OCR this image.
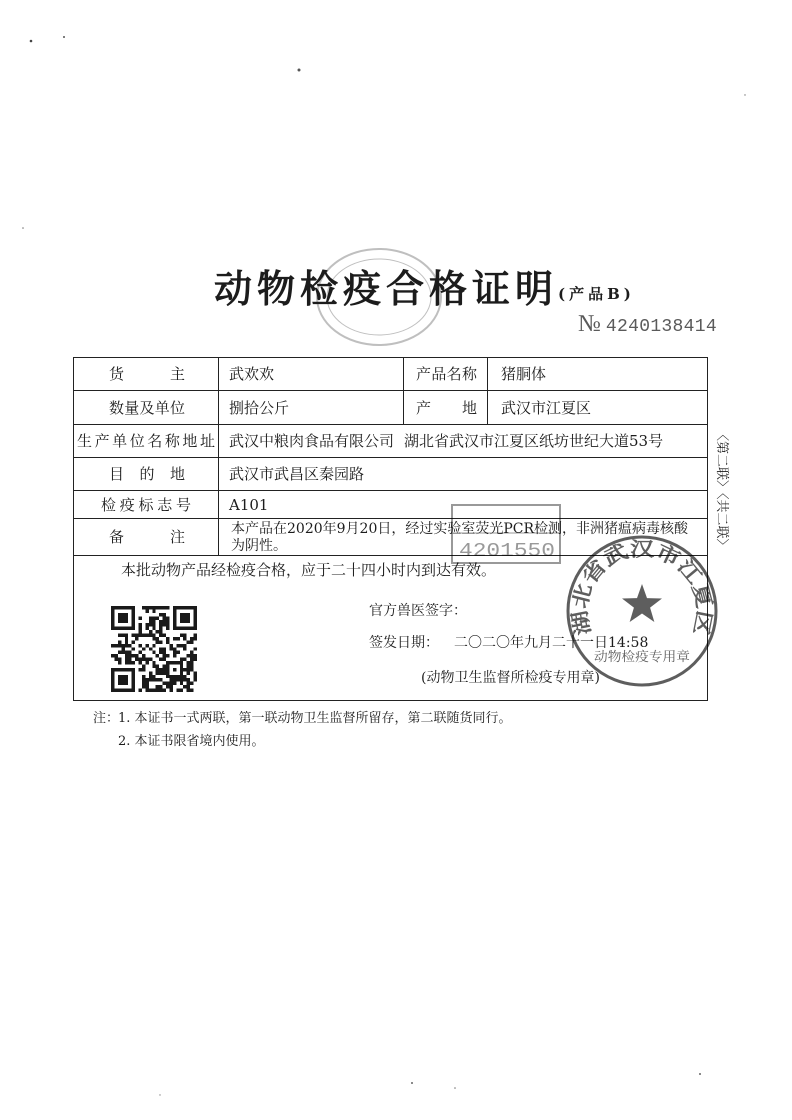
动物检疫合格证明 (产品B)
№ 4240138414
货 主	武欢欢	产品名称	猪胴体
数量及单位	捌拾公斤	产 地	武汉市江夏区
生产单位名称地址	武汉中粮肉食品有限公司 湖北省武汉市江夏区纸坊世纪大道53号		
目 的 地	武汉市武昌区秦园路		
检疫标志号	A101		
备 注	本产品在2020年9月20日，经过实验室荧光PCR检测，非洲猪瘟病毒核酸
为阴性。		

本批动物产品经检疫合格，应于二十四小时内到达有效。
官方兽医签字：
签发日期： 二〇二〇年九月二十一日14:58
(动物卫生监督所检疫专用章)			
〈第二联〉〈共二联〉
4201550
湖北省武汉市江夏区
动物检疫专用章
注：
1. 本证书一式两联，第一联动物卫生监督所留存，第二联随货同行。
2. 本证书限省境内使用。
